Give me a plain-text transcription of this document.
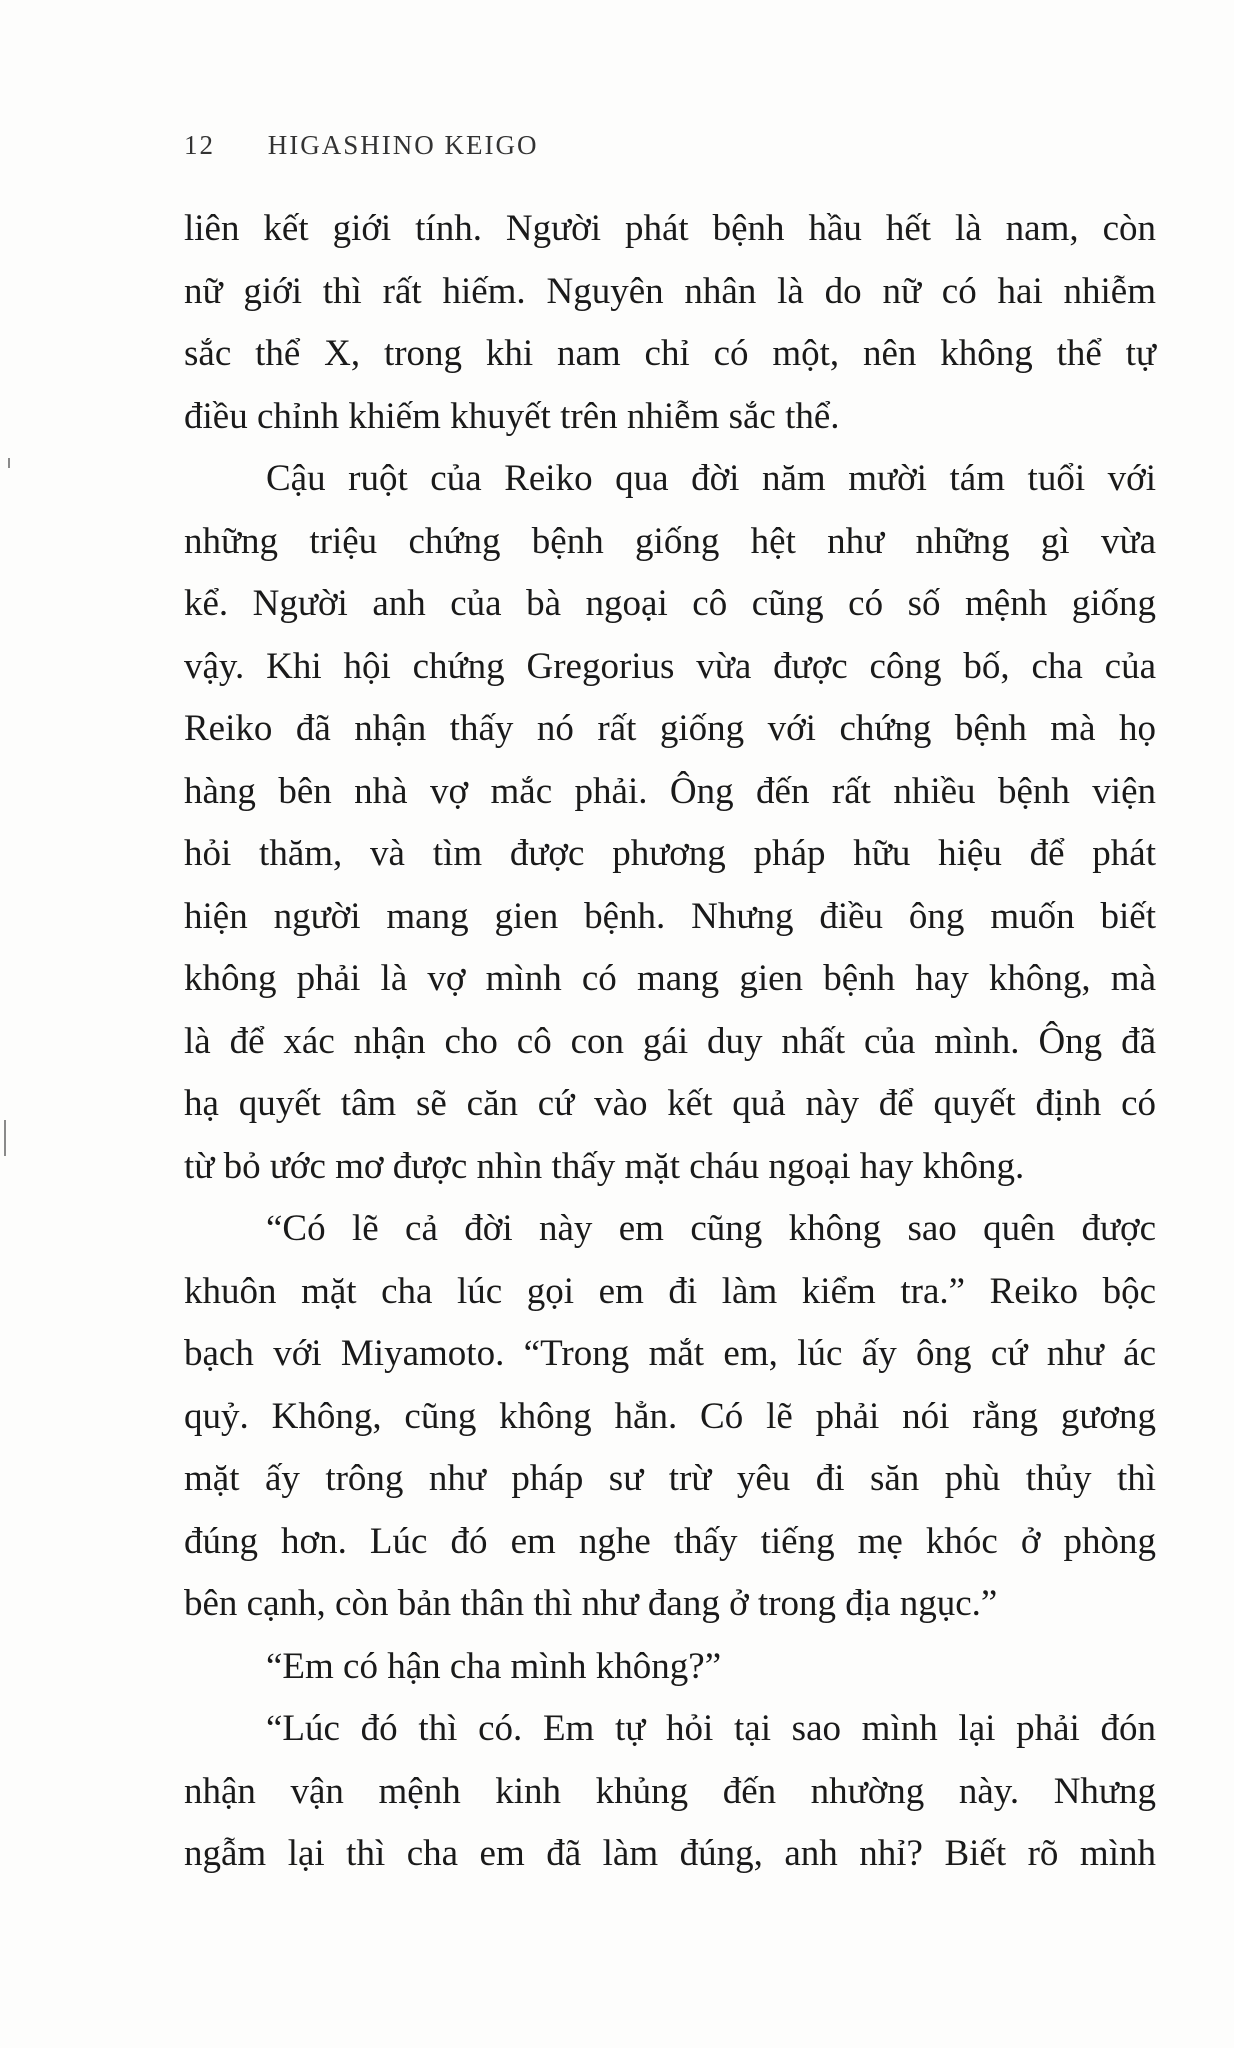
12 HIGASHINO KEIGO
liên kết giới tính. Người phát bệnh hầu hết là nam, còn
nữ giới thì rất hiếm. Nguyên nhân là do nữ có hai nhiễm
sắc thể X, trong khi nam chỉ có một, nên không thể tự
điều chỉnh khiếm khuyết trên nhiễm sắc thể.
Cậu ruột của Reiko qua đời năm mười tám tuổi với
những triệu chứng bệnh giống hệt như những gì vừa
kể. Người anh của bà ngoại cô cũng có số mệnh giống
vậy. Khi hội chứng Gregorius vừa được công bố, cha của
Reiko đã nhận thấy nó rất giống với chứng bệnh mà họ
hàng bên nhà vợ mắc phải. Ông đến rất nhiều bệnh viện
hỏi thăm, và tìm được phương pháp hữu hiệu để phát
hiện người mang gien bệnh. Nhưng điều ông muốn biết
không phải là vợ mình có mang gien bệnh hay không, mà
là để xác nhận cho cô con gái duy nhất của mình. Ông đã
hạ quyết tâm sẽ căn cứ vào kết quả này để quyết định có
từ bỏ ước mơ được nhìn thấy mặt cháu ngoại hay không.
“Có lẽ cả đời này em cũng không sao quên được
khuôn mặt cha lúc gọi em đi làm kiểm tra.” Reiko bộc
bạch với Miyamoto. “Trong mắt em, lúc ấy ông cứ như ác
quỷ. Không, cũng không hẳn. Có lẽ phải nói rằng gương
mặt ấy trông như pháp sư trừ yêu đi săn phù thủy thì
đúng hơn. Lúc đó em nghe thấy tiếng mẹ khóc ở phòng
bên cạnh, còn bản thân thì như đang ở trong địa ngục.”
“Em có hận cha mình không?”
“Lúc đó thì có. Em tự hỏi tại sao mình lại phải đón
nhận vận mệnh kinh khủng đến nhường này. Nhưng
ngẫm lại thì cha em đã làm đúng, anh nhỉ? Biết rõ mình
